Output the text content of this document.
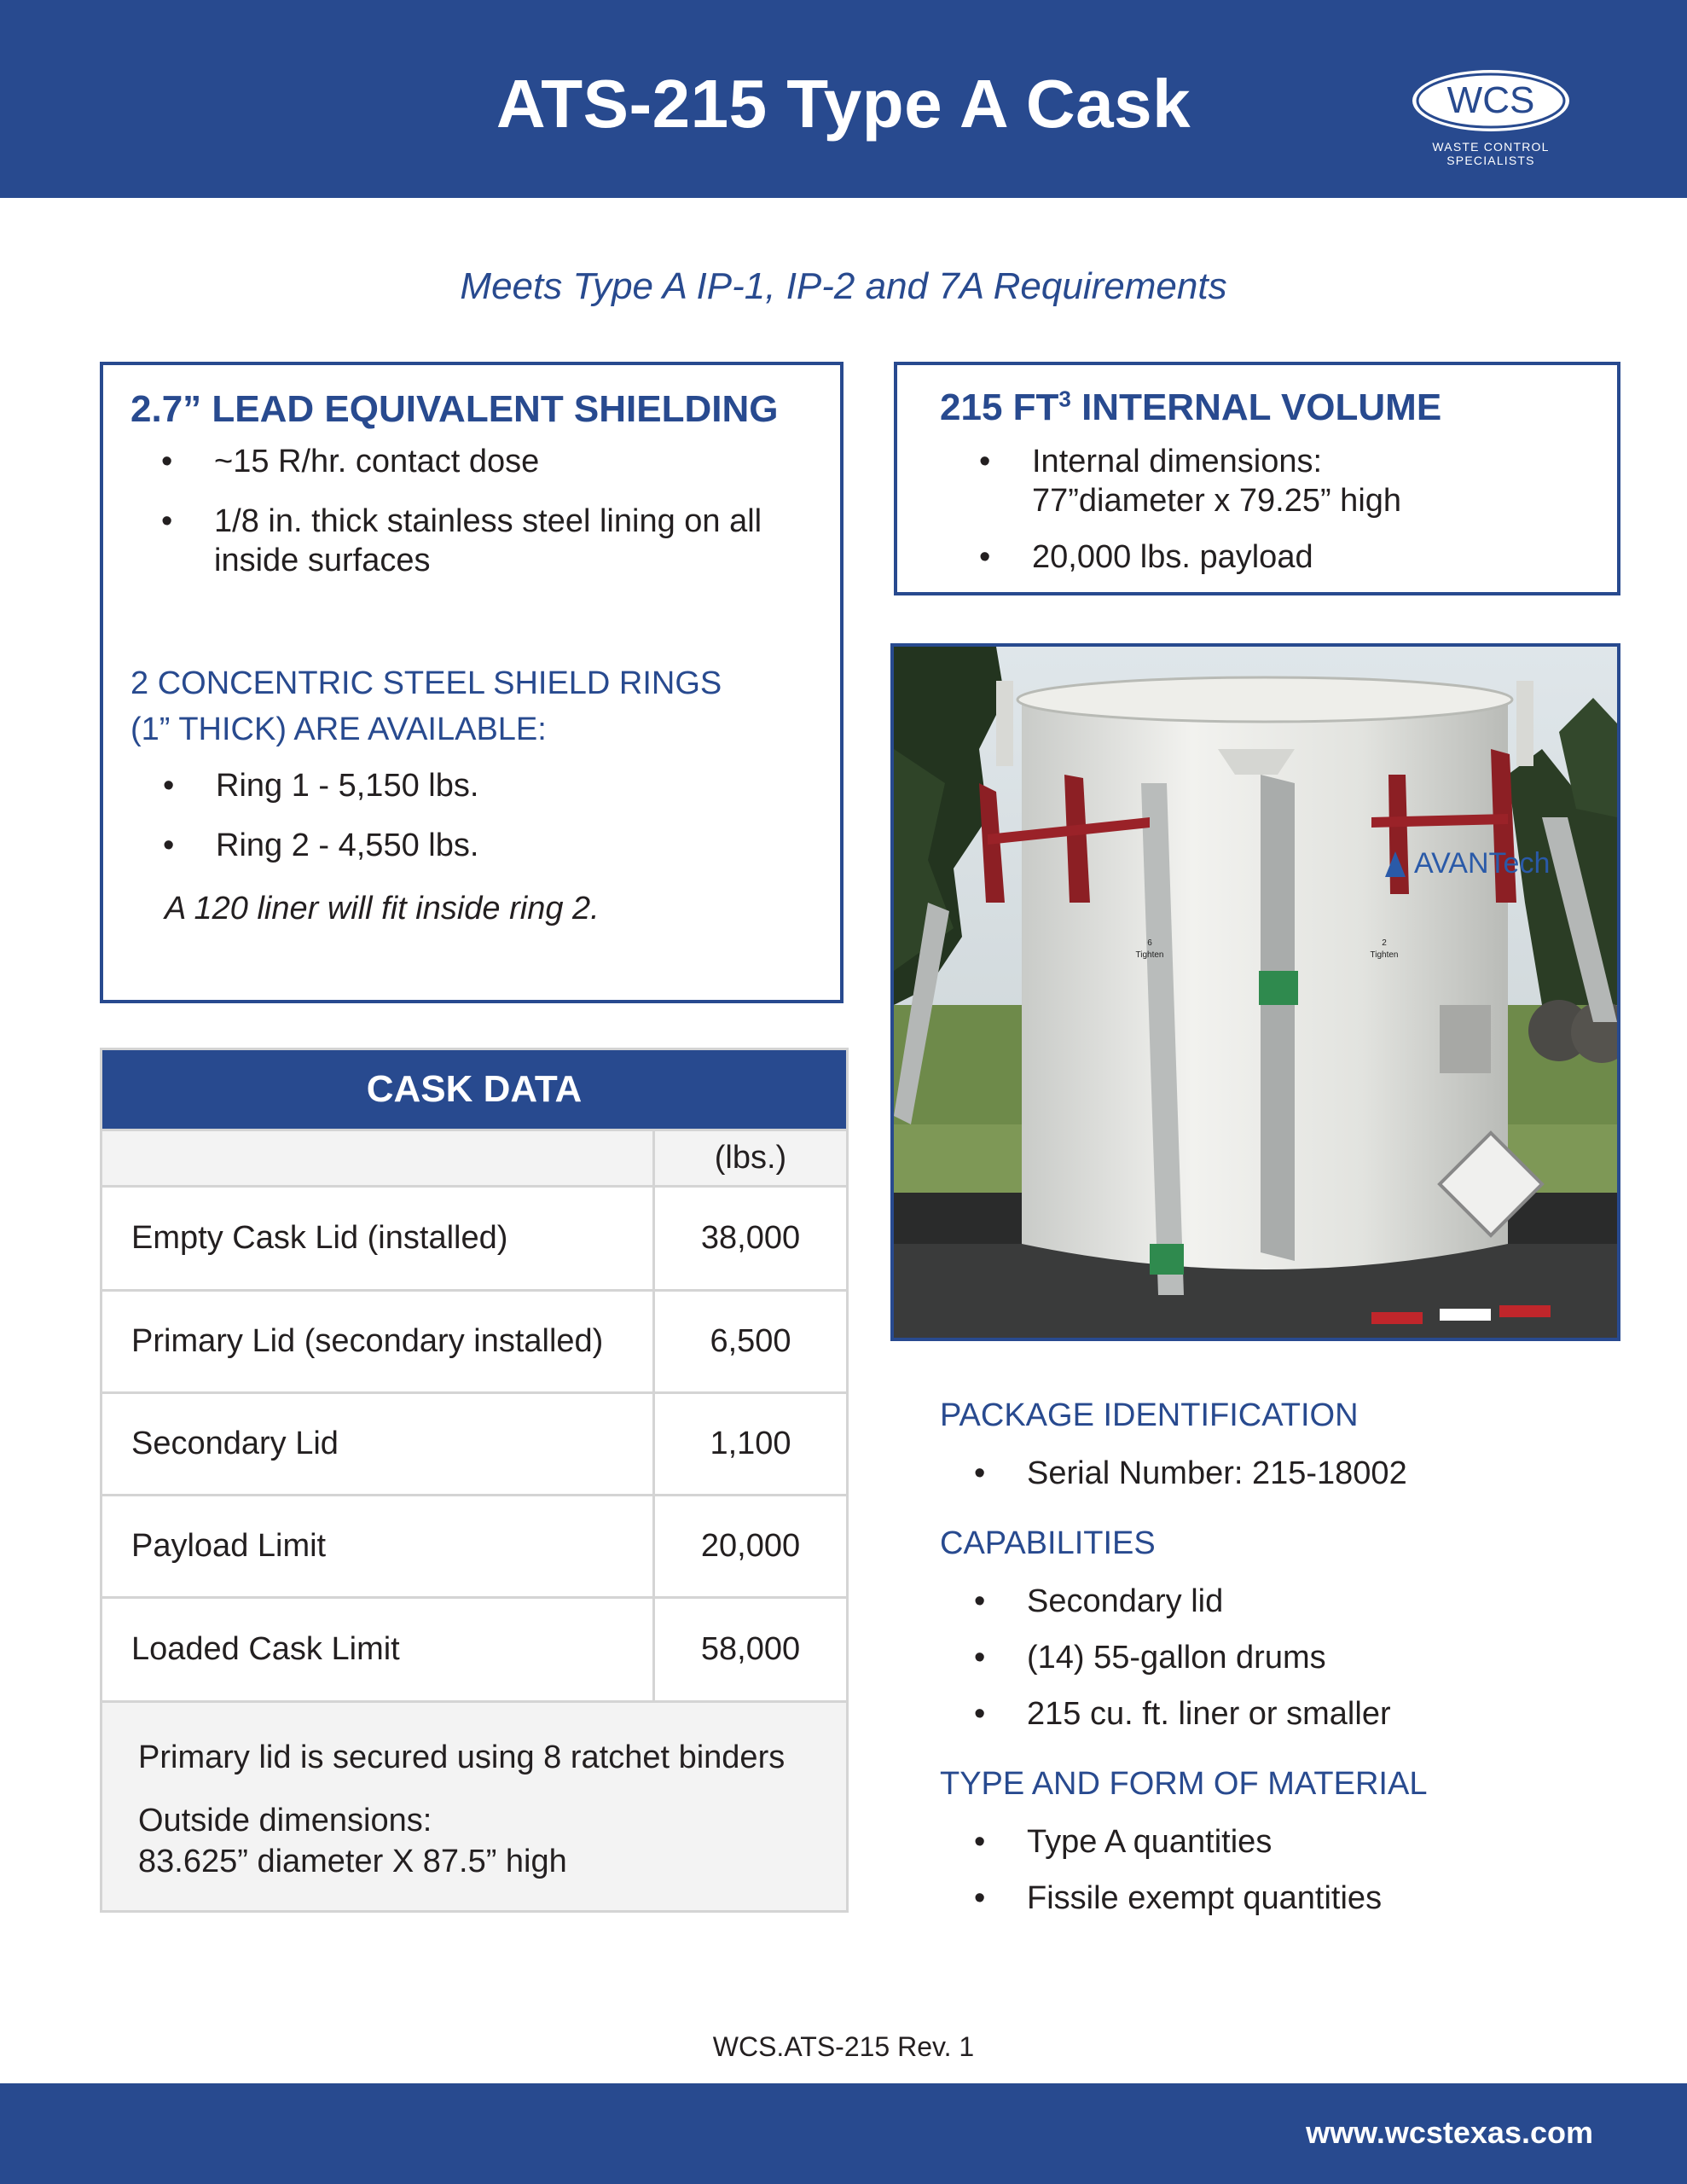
ATS-215 Type A Cask	WCS
WASTE CONTROL SPECIALISTS
Meets Type A IP-1, IP-2 and 7A Requirements
2.7” LEAD EQUIVALENT SHIELDING
• ~15 R/hr. contact dose
• 1/8 in. thick stainless steel lining on all inside surfaces
2 CONCENTRIC STEEL SHIELD RINGS
(1” THICK) ARE AVAILABLE:
• Ring 1 - 5,150 lbs.
• Ring 2 - 4,550 lbs.
A 120 liner will fit inside ring 2.
215 $FT^3$ INTERNAL VOLUME
• Internal dimensions:
77”diameter x 79.25” high
• 20,000 lbs. payload
AVANTech
6
Tighten
2
Tighten
CASK DATA
(lbs.)
Empty Cask Lid (installed)	38,000
Primary Lid (secondary installed)	6,500
Secondary Lid	1,100
Payload Limit	20,000
Loaded Cask Limit	58,000

Primary lid is secured using 8 ratchet binders

Outside dimensions:

83.625” diameter X 87.5” high

PACKAGE IDENTIFICATION
• Serial Number: 215-18002
CAPABILITIES
• Secondary lid
• (14) 55-gallon drums
• 215 cu. ft. liner or smaller
TYPE AND FORM OF MATERIAL
• Type A quantities
• Fissile exempt quantities
WCS.ATS-215 Rev. 1
www.wcstexas.com
